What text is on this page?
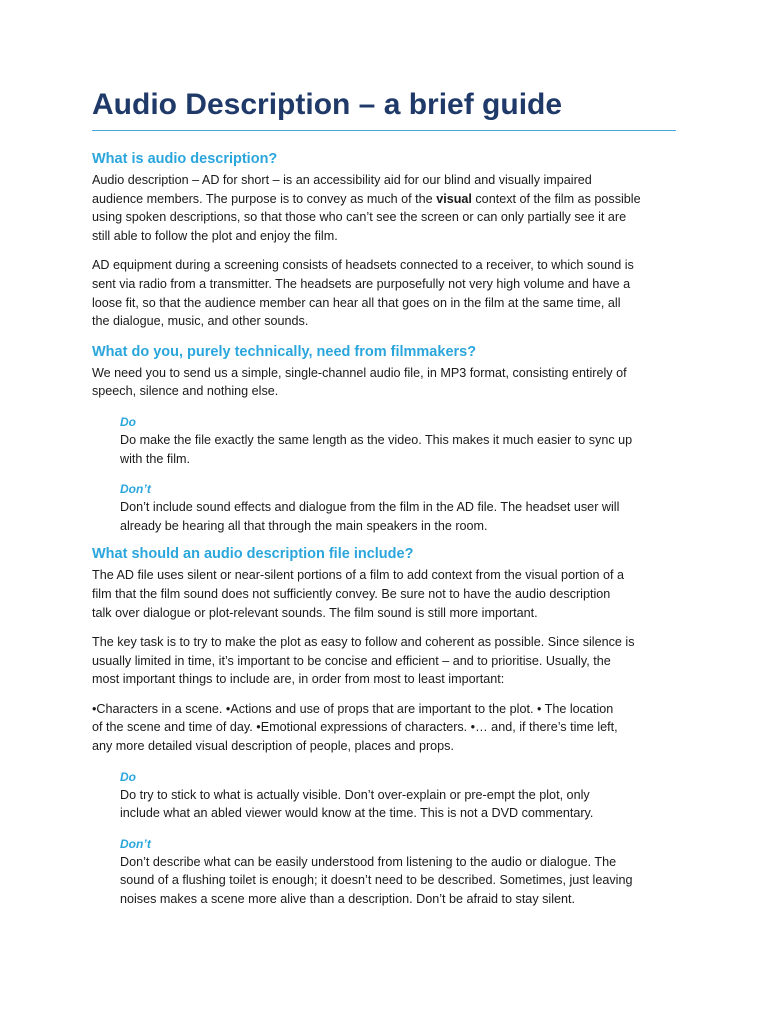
Audio Description – a brief guide
What is audio description?

Audio description – AD for short – is an accessibility aid for our blind and visually impaired
audience members. The purpose is to convey as much of the visual context of the film as possible
using spoken descriptions, so that those who can’t see the screen or can only partially see it are
still able to follow the plot and enjoy the film.

AD equipment during a screening consists of headsets connected to a receiver, to which sound is
sent via radio from a transmitter. The headsets are purposefully not very high volume and have a
loose fit, so that the audience member can hear all that goes on in the film at the same time, all
the dialogue, music, and other sounds.

What do you, purely technically, need from filmmakers?

We need you to send us a simple, single-channel audio file, in MP3 format, consisting entirely of
speech, silence and nothing else.

Do

Do make the file exactly the same length as the video. This makes it much easier to sync up
with the film.

Don’t

Don’t include sound effects and dialogue from the film in the AD file. The headset user will
already be hearing all that through the main speakers in the room.

What should an audio description file include?

The AD file uses silent or near-silent portions of a film to add context from the visual portion of a
film that the film sound does not sufficiently convey. Be sure not to have the audio description
talk over dialogue or plot-relevant sounds. The film sound is still more important.

The key task is to try to make the plot as easy to follow and coherent as possible. Since silence is
usually limited in time, it’s important to be concise and efficient – and to prioritise. Usually, the
most important things to include are, in order from most to least important:

•Characters in a scene. •Actions and use of props that are important to the plot. • The location
of the scene and time of day. •Emotional expressions of characters. •… and, if there’s time left,
any more detailed visual description of people, places and props.

Do

Do try to stick to what is actually visible. Don’t over-explain or pre-empt the plot, only
include what an abled viewer would know at the time. This is not a DVD commentary.

Don’t

Don’t describe what can be easily understood from listening to the audio or dialogue. The
sound of a flushing toilet is enough; it doesn’t need to be described. Sometimes, just leaving
noises makes a scene more alive than a description. Don’t be afraid to stay silent.
